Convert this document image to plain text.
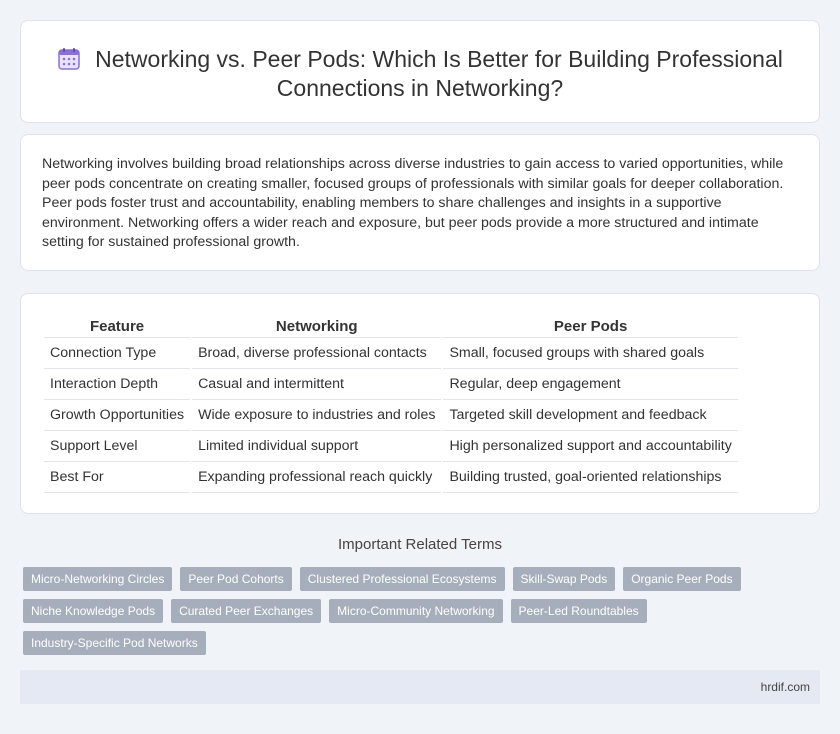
Networking vs. Peer Pods: Which Is Better for Building Professional Connections in Networking?

Networking involves building broad relationships across diverse industries to gain access to varied opportunities, while peer pods concentrate on creating smaller, focused groups of professionals with similar goals for deeper collaboration. Peer pods foster trust and accountability, enabling members to share challenges and insights in a supportive environment. Networking offers a wider reach and exposure, but peer pods provide a more structured and intimate setting for sustained professional growth.

Feature	Networking	Peer Pods
Connection Type	Broad, diverse professional contacts	Small, focused groups with shared goals
Interaction Depth	Casual and intermittent	Regular, deep engagement
Growth Opportunities	Wide exposure to industries and roles	Targeted skill development and feedback
Support Level	Limited individual support	High personalized support and accountability
Best For	Expanding professional reach quickly	Building trusted, goal-oriented relationships
Important Related Terms
Micro-Networking Circles	Peer Pod Cohorts	Clustered Professional Ecosystems	Skill-Swap Pods	Organic Peer Pods
Niche Knowledge Pods	Curated Peer Exchanges	Micro-Community Networking	Peer-Led Roundtables
Industry-Specific Pod Networks
hrdif.com
